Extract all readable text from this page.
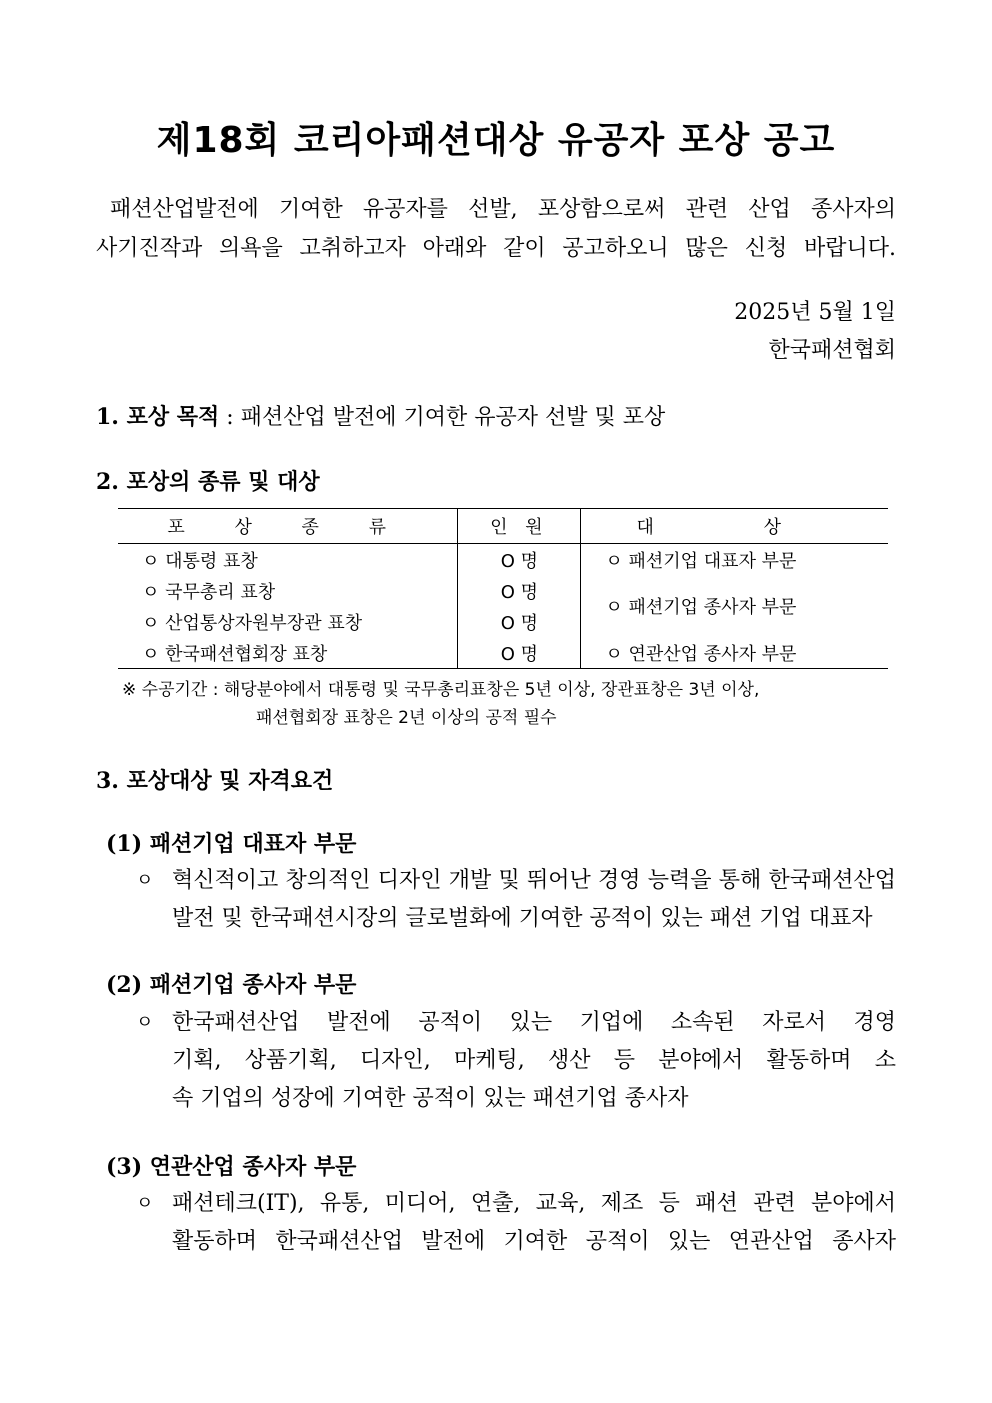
제18회 코리아패션대상 유공자 포상 공고
패션산업발전에 기여한 유공자를 선발, 포상함으로써 관련 산업 종사자의
사기진작과 의욕을 고취하고자 아래와 같이 공고하오니 많은 신청 바랍니다.
2025년 5월 1일
한국패션협회
1. 포상 목적 : 패션산업 발전에 기여한 유공자 선발 및 포상
2. 포상의 종류 및 대상
포 상 종 류	인 원	대 상
ㅇ 대통령 표창	O 명	ㅇ 패션기업 대표자 부문
ㅇ 국무총리 표창	O 명	ㅇ 패션기업 종사자 부문
ㅇ 산업통상자원부장관 표창	O 명	
ㅇ 한국패션협회장 표창	O 명	ㅇ 연관산업 종사자 부문
※ 수공기간 : 해당분야에서 대통령 및 국무총리표창은 5년 이상, 장관표창은 3년 이상,
패션협회장 표창은 2년 이상의 공적 필수
3. 포상대상 및 자격요건
(1) 패션기업 대표자 부문
ㅇ 혁신적이고 창의적인 디자인 개발 및 뛰어난 경영 능력을 통해 한국패션산업
발전 및 한국패션시장의 글로벌화에 기여한 공적이 있는 패션 기업 대표자
(2) 패션기업 종사자 부문
ㅇ 한국패션산업 발전에 공적이 있는 기업에 소속된 자로서 경영
기획, 상품기획, 디자인, 마케팅, 생산 등 분야에서 활동하며 소
속 기업의 성장에 기여한 공적이 있는 패션기업 종사자
(3) 연관산업 종사자 부문
ㅇ 패션테크(IT), 유통, 미디어, 연출, 교육, 제조 등 패션 관련 분야에서
활동하며 한국패션산업 발전에 기여한 공적이 있는 연관산업 종사자
